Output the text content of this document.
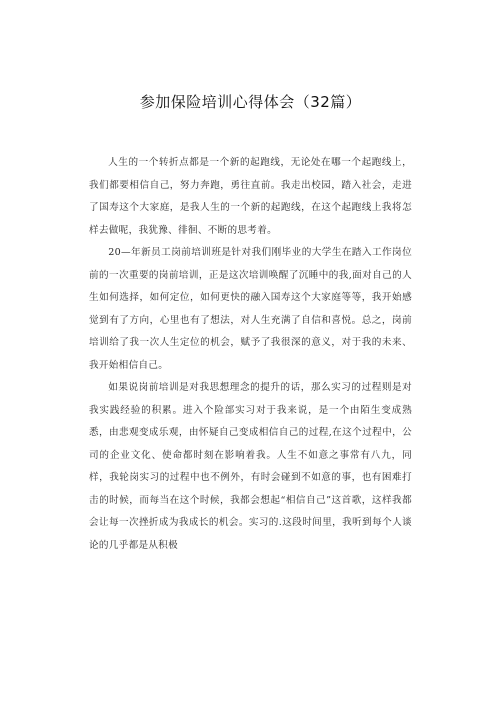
参加保险培训心得体会（32篇）

人生的一个转折点都是一个新的起跑线，无论处在哪一个起跑线上，我们都要相信自己，努力奔跑，勇往直前。我走出校园，踏入社会，走进了国寿这个大家庭，是我人生的一个新的起跑线，在这个起跑线上我将怎样去做呢，我犹豫、徘徊、不断的思考着。

20—年新员工岗前培训班是针对我们刚毕业的大学生在踏入工作岗位前的一次重要的岗前培训，正是这次培训唤醒了沉睡中的我,面对自己的人生如何选择，如何定位，如何更快的融入国寿这个大家庭等等，我开始感觉到有了方向，心里也有了想法，对人生充满了自信和喜悦。总之，岗前培训给了我一次人生定位的机会，赋予了我很深的意义，对于我的未来、我开始相信自己。

如果说岗前培训是对我思想理念的提升的话，那么实习的过程则是对我实践经验的积累。进入个险部实习对于我来说，是一个由陌生变成熟悉，由悲观变成乐观，由怀疑自己变成相信自己的过程,在这个过程中，公司的企业文化、使命都时刻在影响着我。人生不如意之事常有八九，同样，我轮岗实习的过程中也不例外，有时会碰到不如意的事，也有困难打击的时候，而每当在这个时候，我都会想起“相信自己”这首歌，这样我都会让每一次挫折成为我成长的机会。实习的.这段时间里，我听到每个人谈论的几乎都是从积极
